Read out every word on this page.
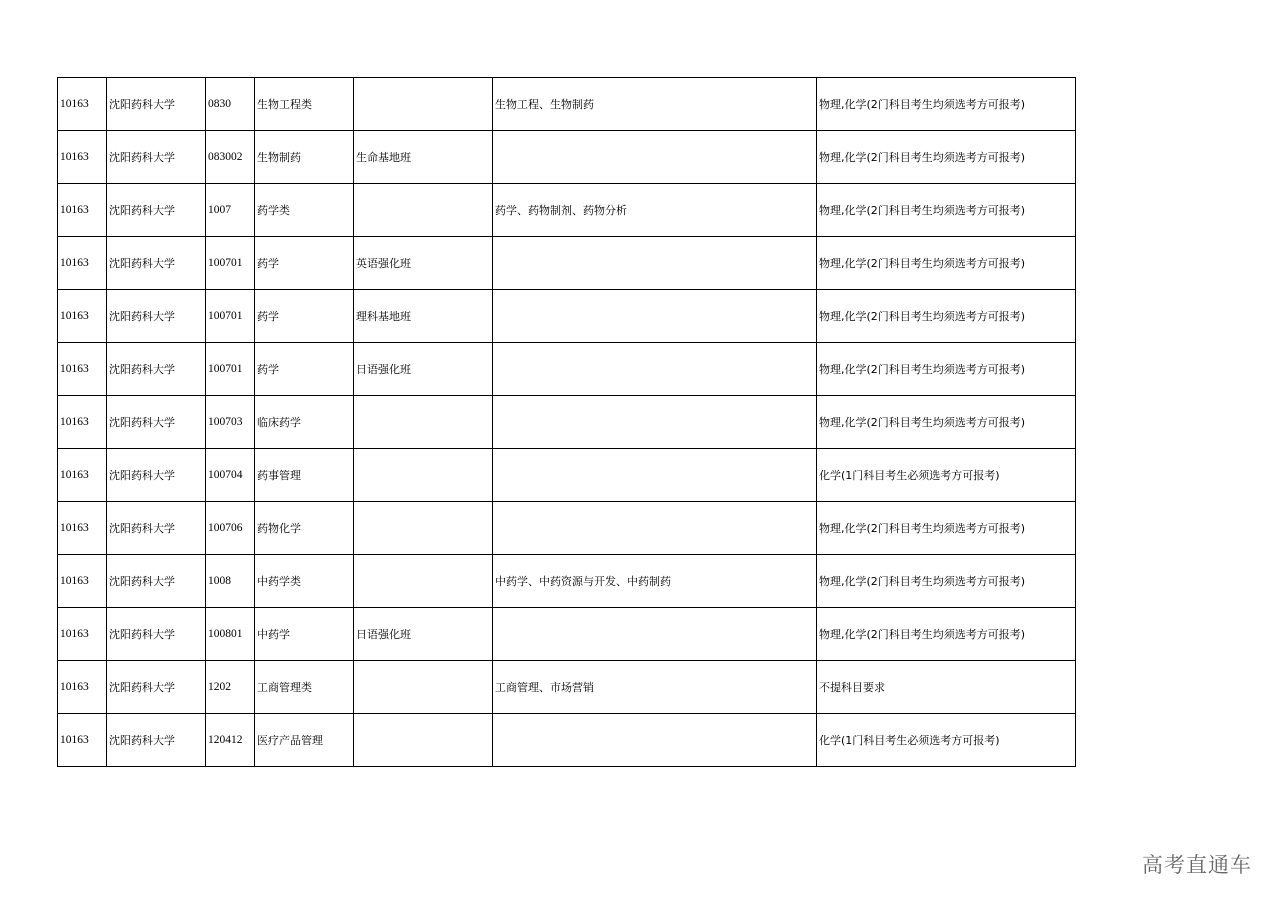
10163	沈阳药科大学	0830	生物工程类		生物工程、生物制药	物理,化学(2门科目考生均须选考方可报考)
10163	沈阳药科大学	083002	生物制药	生命基地班		物理,化学(2门科目考生均须选考方可报考)
10163	沈阳药科大学	1007	药学类		药学、药物制剂、药物分析	物理,化学(2门科目考生均须选考方可报考)
10163	沈阳药科大学	100701	药学	英语强化班		物理,化学(2门科目考生均须选考方可报考)
10163	沈阳药科大学	100701	药学	理科基地班		物理,化学(2门科目考生均须选考方可报考)
10163	沈阳药科大学	100701	药学	日语强化班		物理,化学(2门科目考生均须选考方可报考)
10163	沈阳药科大学	100703	临床药学			物理,化学(2门科目考生均须选考方可报考)
10163	沈阳药科大学	100704	药事管理			化学(1门科目考生必须选考方可报考)
10163	沈阳药科大学	100706	药物化学			物理,化学(2门科目考生均须选考方可报考)
10163	沈阳药科大学	1008	中药学类		中药学、中药资源与开发、中药制药	物理,化学(2门科目考生均须选考方可报考)
10163	沈阳药科大学	100801	中药学	日语强化班		物理,化学(2门科目考生均须选考方可报考)
10163	沈阳药科大学	1202	工商管理类		工商管理、市场营销	不提科目要求
10163	沈阳药科大学	120412	医疗产品管理			化学(1门科目考生必须选考方可报考)
高考直通车
